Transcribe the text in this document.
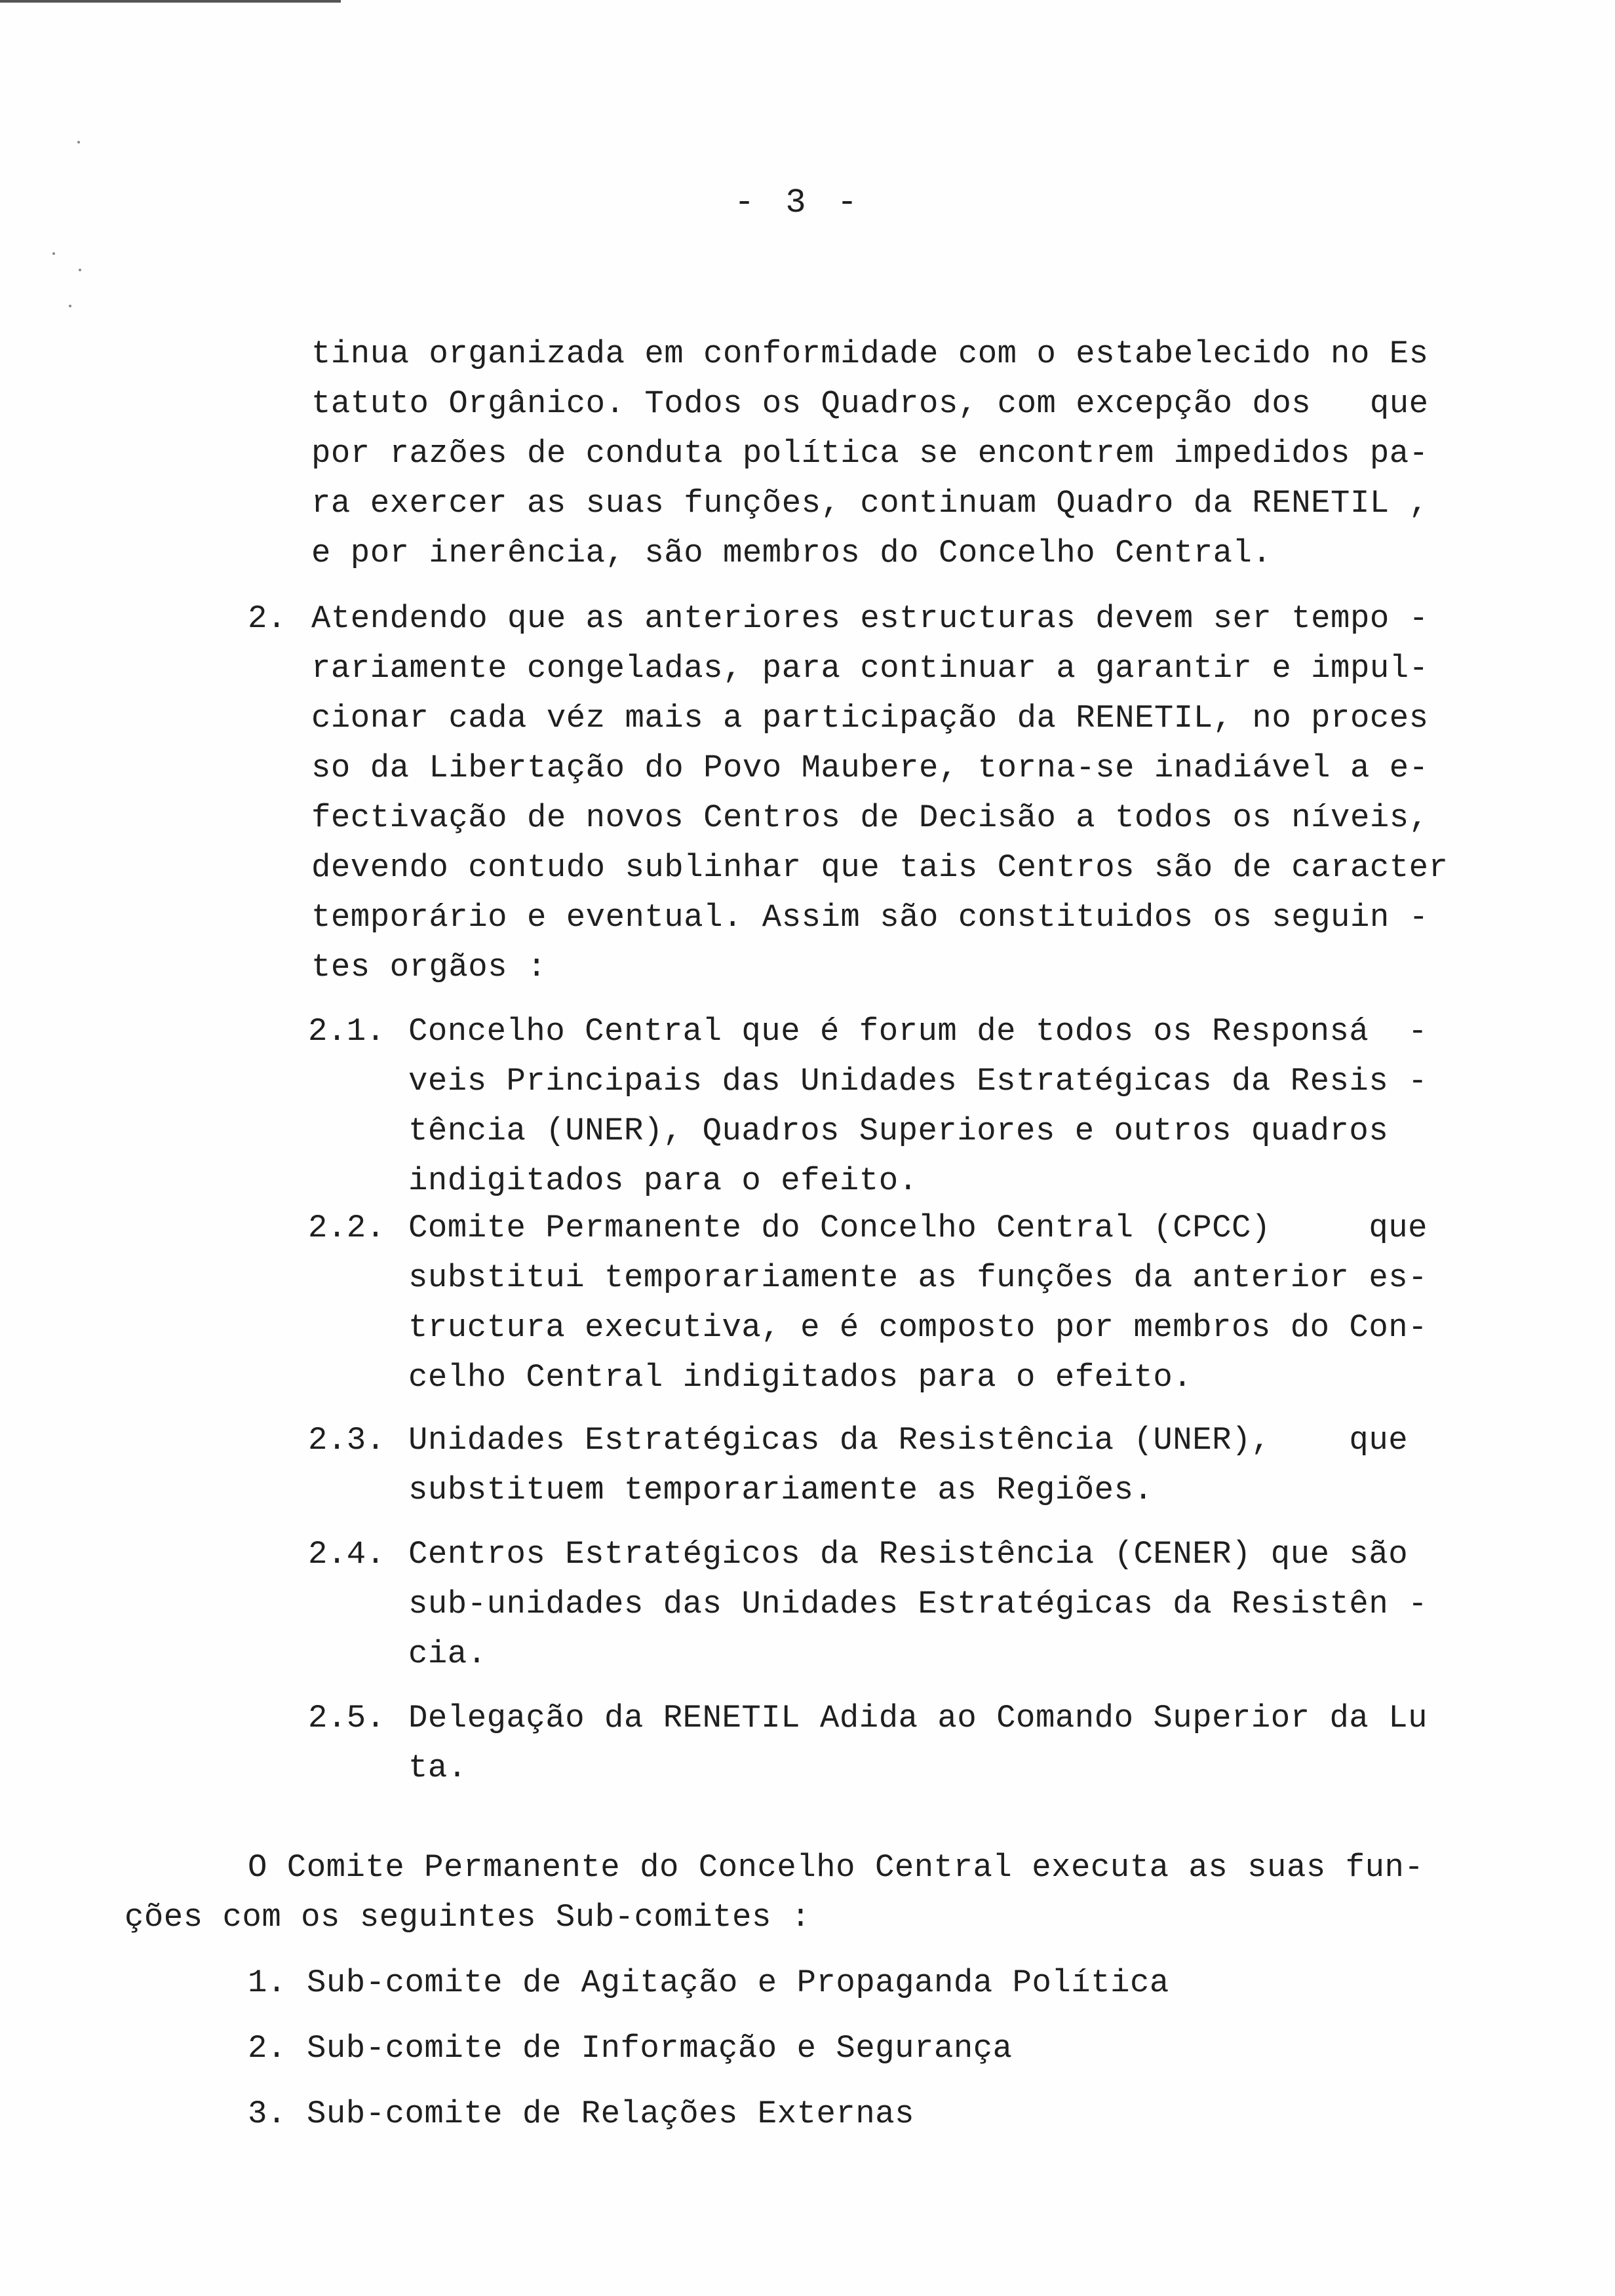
- 3 -
tinua organizada em conformidade com o estabelecido no Es
tatuto Orgânico. Todos os Quadros, com excepção dos   que
por razões de conduta política se encontrem impedidos pa-
ra exercer as suas funções, continuam Quadro da RENETIL ,
e por inerência, são membros do Concelho Central.
2. Atendendo que as anteriores estructuras devem ser tempo -
rariamente congeladas, para continuar a garantir e impul-
cionar cada véz mais a participação da RENETIL, no proces
so da Libertação do Povo Maubere, torna-se inadiável a e-
fectivação de novos Centros de Decisão a todos os níveis,
devendo contudo sublinhar que tais Centros são de caracter
temporário e eventual. Assim são constituidos os seguin -
tes orgãos :
2.1. Concelho Central que é forum de todos os Responsá  -
veis Principais das Unidades Estratégicas da Resis -
tência (UNER), Quadros Superiores e outros quadros
indigitados para o efeito.
2.2. Comite Permanente do Concelho Central (CPCC)     que
substitui temporariamente as funções da anterior es-
tructura executiva, e é composto por membros do Con-
celho Central indigitados para o efeito.
2.3. Unidades Estratégicas da Resistência (UNER),    que
substituem temporariamente as Regiões.
2.4. Centros Estratégicos da Resistência (CENER) que são
sub-unidades das Unidades Estratégicas da Resistên -
cia.
2.5. Delegação da RENETIL Adida ao Comando Superior da Lu
ta.
O Comite Permanente do Concelho Central executa as suas fun-
ções com os seguintes Sub-comites :
1. Sub-comite de Agitação e Propaganda Política
2. Sub-comite de Informação e Segurança
3. Sub-comite de Relações Externas
